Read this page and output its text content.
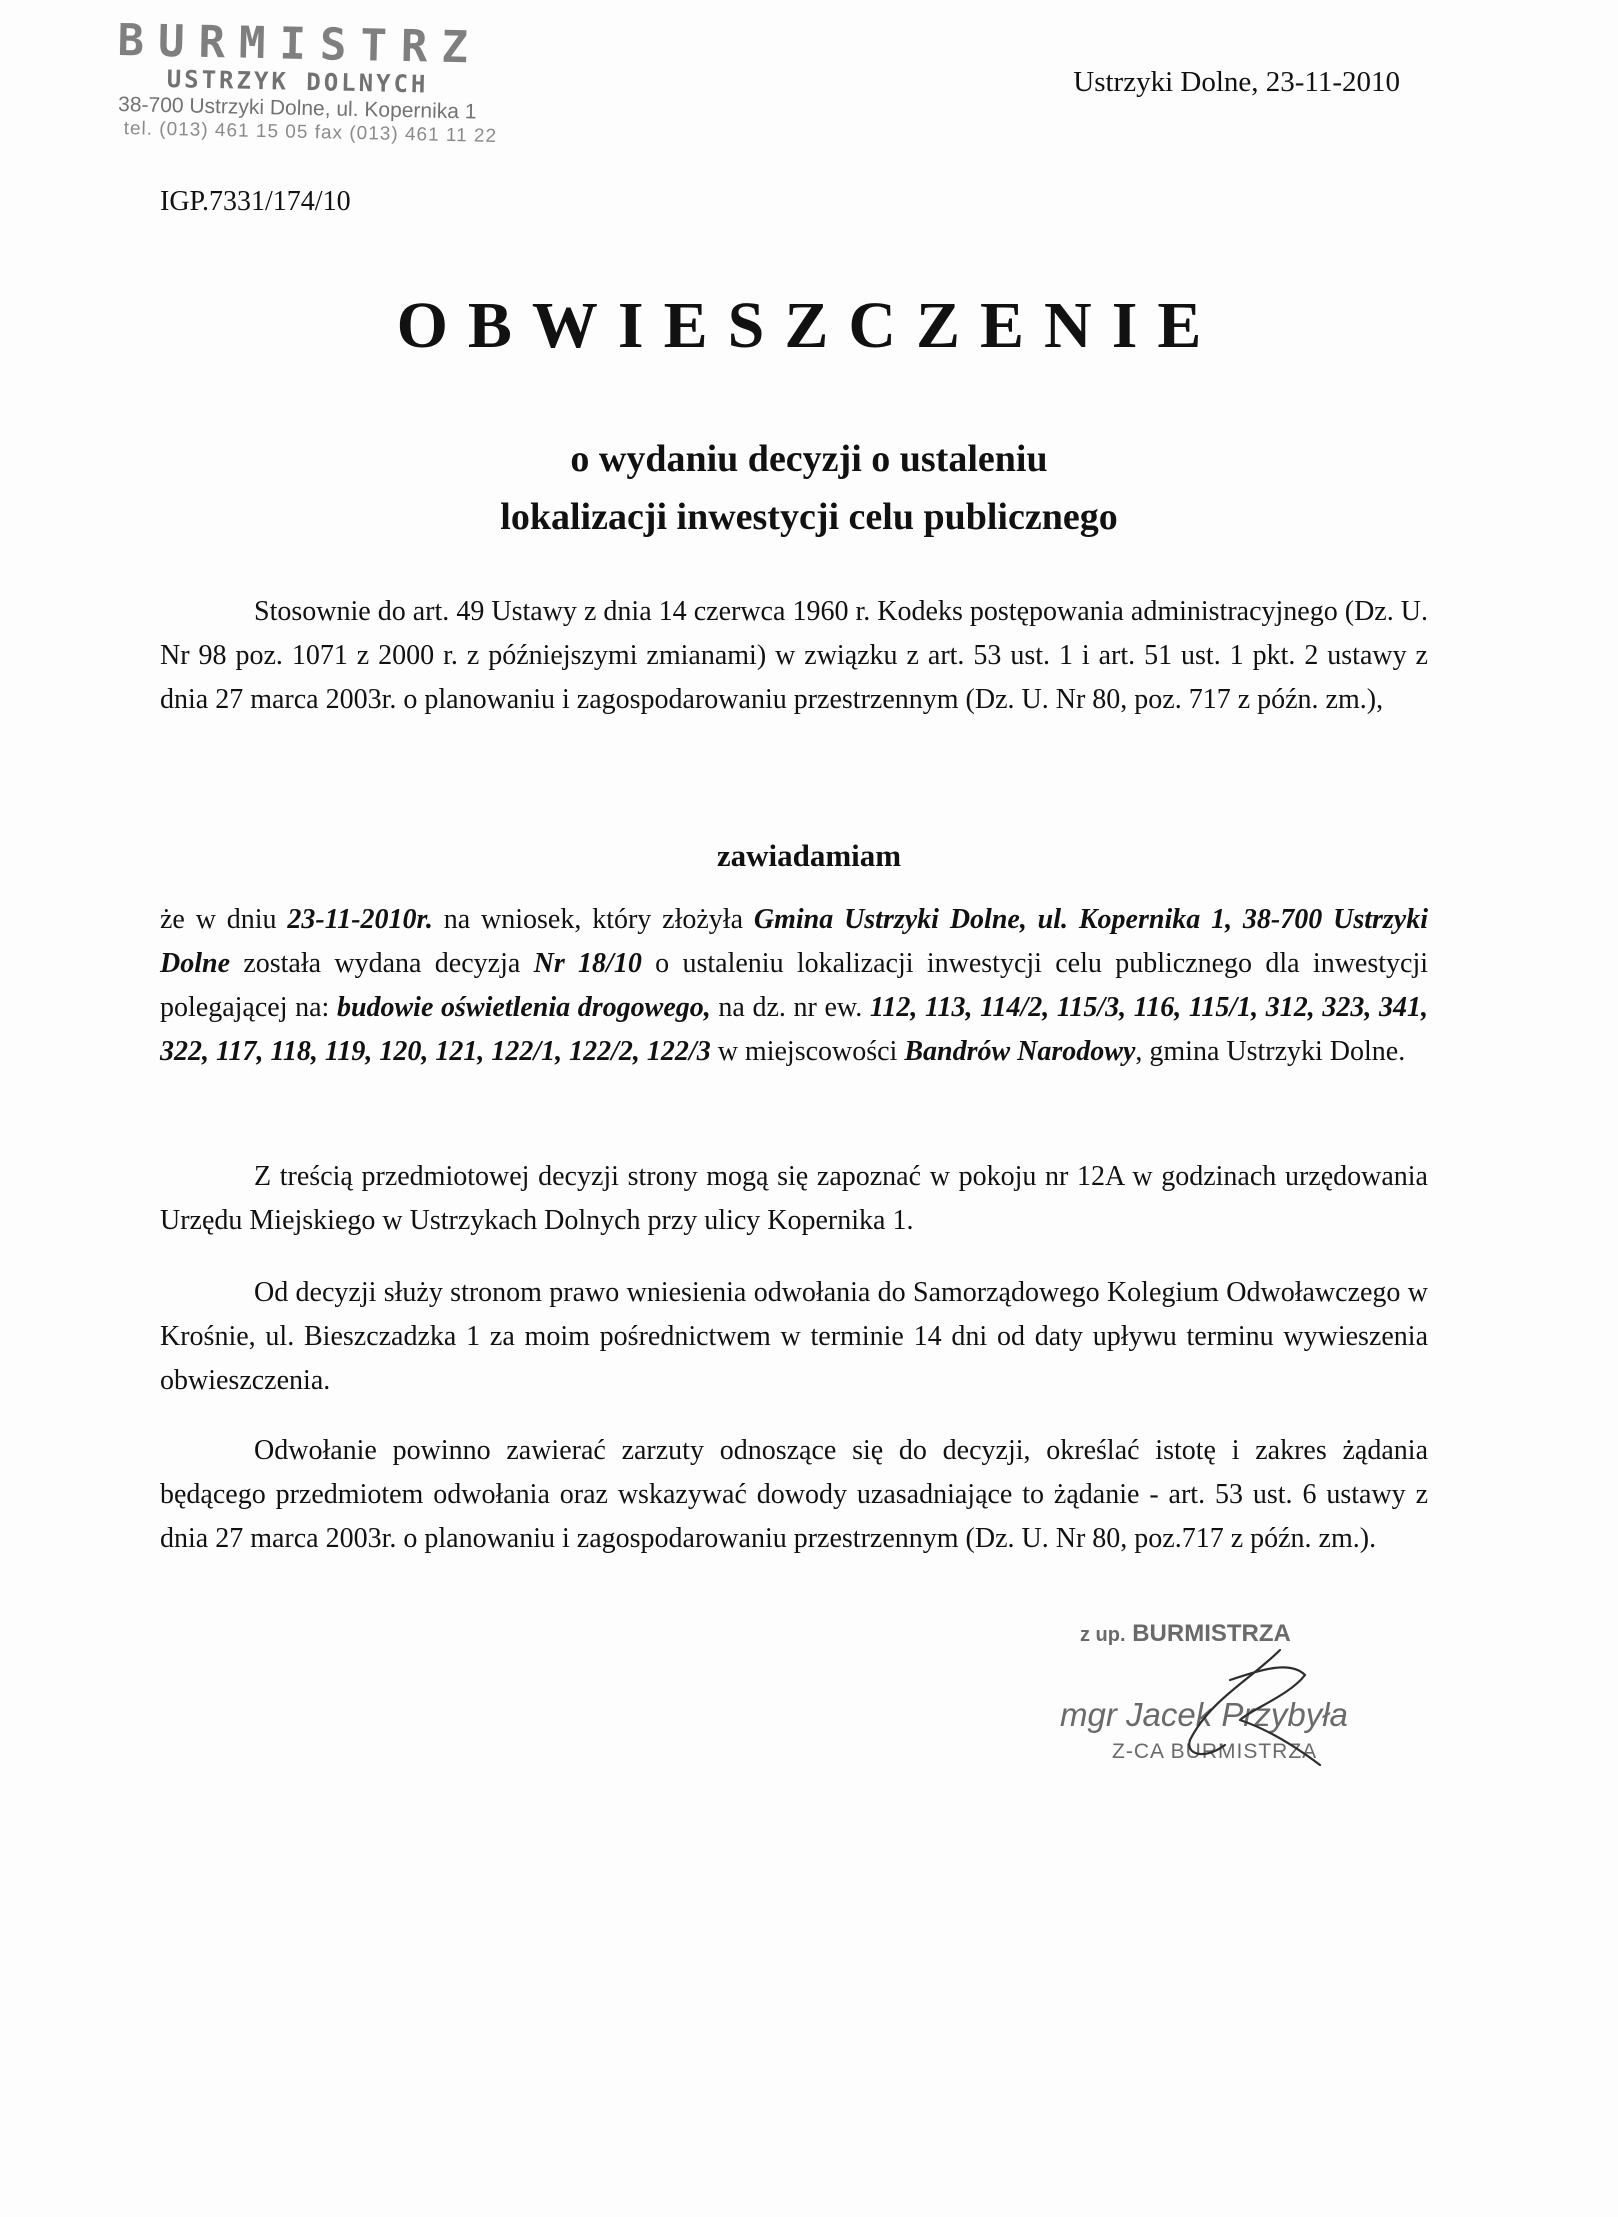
BURMISTRZ
USTRZYK DOLNYCH
38-700 Ustrzyki Dolne, ul. Kopernika 1
tel. (013) 461 15 05 fax (013) 461 11 22
Ustrzyki Dolne, 23-11-2010
IGP.7331/174/10
OBWIESZCZENIE
o wydaniu decyzji o ustaleniu
lokalizacji inwestycji celu publicznego

Stosownie do art. 49 Ustawy z dnia 14 czerwca 1960 r. Kodeks postępowania administracyjnego (Dz. U. Nr 98 poz. 1071 z 2000 r. z późniejszymi zmianami) w związku z art. 53 ust. 1 i art. 51 ust. 1 pkt. 2 ustawy z dnia 27 marca 2003r. o planowaniu i zagospodarowaniu przestrzennym (Dz. U. Nr 80, poz. 717 z późn. zm.),

zawiadamiam

że w dniu 23-11-2010r. na wniosek, który złożyła Gmina Ustrzyki Dolne, ul. Kopernika 1, 38-700 Ustrzyki Dolne została wydana decyzja Nr 18/10 o ustaleniu lokalizacji inwestycji celu publicznego dla inwestycji polegającej na: budowie oświetlenia drogowego, na dz. nr ew. 112, 113, 114/2, 115/3, 116, 115/1, 312, 323, 341, 322, 117, 118, 119, 120, 121, 122/1, 122/2, 122/3 w miejscowości Bandrów Narodowy, gmina Ustrzyki Dolne.

Z treścią przedmiotowej decyzji strony mogą się zapoznać w pokoju nr 12A w godzinach urzędowania Urzędu Miejskiego w Ustrzykach Dolnych przy ulicy Kopernika 1.

Od decyzji służy stronom prawo wniesienia odwołania do Samorządowego Kolegium Odwoławczego w Krośnie, ul. Bieszczadzka 1 za moim pośrednictwem w terminie 14 dni od daty upływu terminu wywieszenia obwieszczenia.

Odwołanie powinno zawierać zarzuty odnoszące się do decyzji, określać istotę i zakres żądania będącego przedmiotem odwołania oraz wskazywać dowody uzasadniające to żądanie - art. 53 ust. 6 ustawy z dnia 27 marca 2003r. o planowaniu i zagospodarowaniu przestrzennym (Dz. U. Nr 80, poz.717 z późn. zm.).

z up. BURMISTRZA
mgr Jacek Przybyła
Z-CA BURMISTRZA
